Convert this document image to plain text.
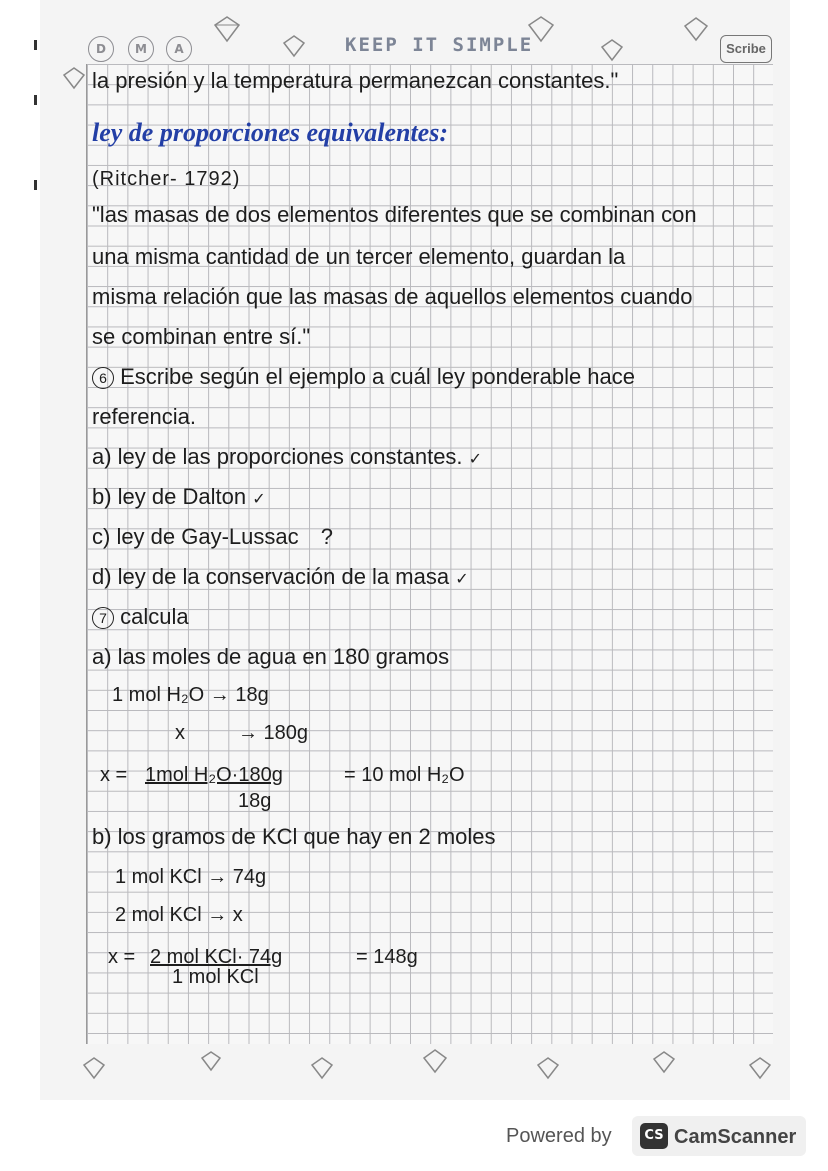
D	M	A	KEEP IT SIMPLE	Scribe
la presión y la temperatura permanezcan constantes."
ley de proporciones equivalentes:
(Ritcher- 1792)
"las masas de dos elementos diferentes que se combinan con
una misma cantidad de un tercer elemento, guardan la
misma relación que las masas de aquellos elementos cuando
se combinan entre sí."
6 Escribe según el ejemplo a cuál ley ponderable hace
referencia.
a) ley de las proporciones constantes. ✓
b) ley de Dalton ✓
c) ley de Gay-Lussac ?
d) ley de la conservación de la masa ✓
7 calcula
a) las moles de agua en 180 gramos
1 mol H₂O → 18g
x	→ 180g
x = 1mol H₂O·180g
18g
= 10 mol H₂O
b) los gramos de KCl que hay en 2 moles
1 mol KCl → 74g
2 mol KCl → x
x = 2 mol KCl· 74g
1 mol KCl
= 148g
Powered by	CS CamScanner
